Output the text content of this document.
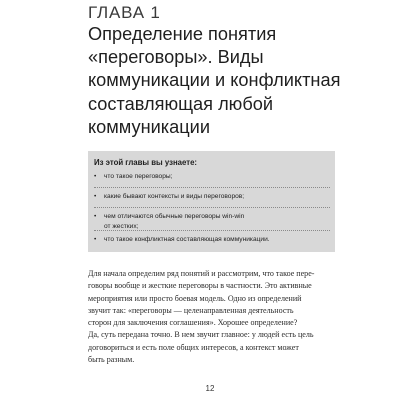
ГЛАВА 1
Определение понятия
«переговоры». Виды
коммуникации и конфликтная
составляющая любой
коммуникации

Из этой главы вы узнаете:

• что такое переговоры;
• какие бывают контексты и виды переговоров;
• чем отличаются обычные переговоры win-win
от жестких;
• что такое конфликтная составляющая коммуникации.
Для начала определим ряд понятий и рассмотрим, что такое пере-
говоры вообще и жесткие переговоры в частности. Это активные
мероприятия или просто боевая модель. Одно из определений
звучит так: «переговоры — целенаправленная деятельность
сторон для заключения соглашения». Хорошее определение?
Да, суть передана точно. В нем звучит главное: у людей есть цель
договориться и есть поле общих интересов, а контекст может
быть разным.

12
